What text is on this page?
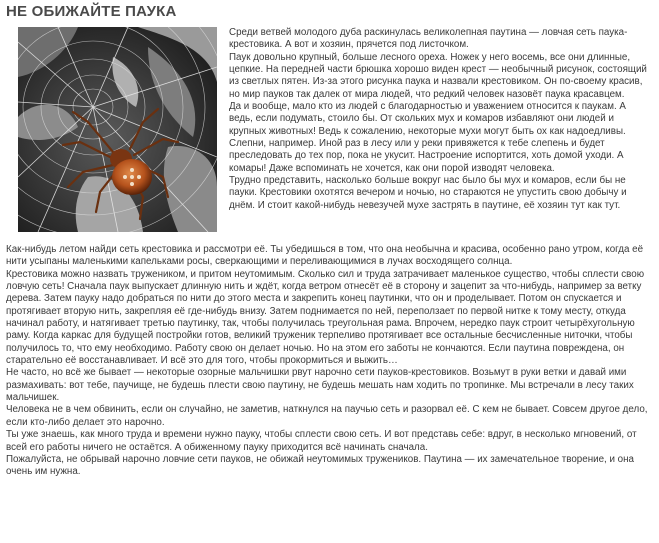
НЕ ОБИЖАЙТЕ ПАУКА

Среди ветвей молодого дуба раскинулась великолепная паутина — ловчая сеть паука-крестовика. А вот и хозяин, прячется под листочком.

Паук довольно крупный, больше лесного ореха. Ножек у него восемь, все они длинные, цепкие. На передней части брюшка хорошо виден крест — необычный рисунок, состоящий из светлых пятен. Из-за этого рисунка паука и назвали крестовиком. Он по-своему красив, но мир пауков так далек от мира людей, что редкий человек назовёт паука красавцем.

Да и вообще, мало кто из людей с благодарностью и уважением относится к паукам. А ведь, если подумать, стоило бы. От скольких мух и комаров избавляют они людей и крупных животных! Ведь к сожалению, некоторые мухи могут быть ох как надоедливы. Слепни, например. Иной раз в лесу или у реки привяжется к тебе слепень и будет преследовать до тех пор, пока не укусит. Настроение испортится, хоть домой уходи. А комары! Даже вспоминать не хочется, как они порой изводят человека.

Трудно представить, насколько больше вокруг нас было бы мух и комаров, если бы не пауки. Крестовики охотятся вечером и ночью, но стараются не упустить свою добычу и днём. И стоит какой-нибудь невезучей мухе застрять в паутине, её хозяин тут как тут.

Как-нибудь летом найди сеть крестовика и рассмотри её. Ты убедишься в том, что она необычна и красива, особенно рано утром, когда её нити усыпаны маленькими капельками росы, сверкающими и переливающимися в лучах восходящего солнца.

Крестовика можно назвать тружеником, и притом неутомимым. Сколько сил и труда затрачивает маленькое существо, чтобы сплести свою ловчую сеть! Сначала паук выпускает длинную нить и ждёт, когда ветром отнесёт её в сторону и зацепит за что-нибудь, например за ветку дерева. Затем пауку надо добраться по нити до этого места и закрепить конец паутинки, что он и проделывает. Потом он спускается и протягивает вторую нить, закрепляя её где-нибудь внизу. Затем поднимается по ней, переползает по первой нитке к тому месту, откуда начинал работу, и натягивает третью паутинку, так, чтобы получилась треугольная рама. Впрочем, нередко паук строит четырёхугольную раму. Когда каркас для будущей постройки готов, великий труженик терпеливо протягивает все остальные бесчисленные ниточки, чтобы получилось то, что ему необходимо. Работу свою он делает ночью. Но на этом его заботы не кончаются. Если паутина повреждена, он старательно её восстанавливает. И всё это для того, чтобы прокормиться и выжить…

Не часто, но всё же бывает — некоторые озорные мальчишки рвут нарочно сети пауков-крестовиков. Возьмут в руки ветки и давай ими размахивать: вот тебе, паучище, не будешь плести свою паутину, не будешь мешать нам ходить по тропинке. Мы встречали в лесу таких мальчишек.

Человека не в чем обвинить, если он случайно, не заметив, наткнулся на паучью сеть и разорвал её. С кем не бывает. Совсем другое дело, если кто-либо делает это нарочно.

Ты уже знаешь, как много труда и времени нужно пауку, чтобы сплести свою сеть. И вот представь себе: вдруг, в несколько мгновений, от всей его работы ничего не остаётся. А обиженному пауку приходится всё начинать сначала.

Пожалуйста, не обрывай нарочно ловчие сети пауков, не обижай неутомимых тружеников. Паутина — их замечательное творение, и она очень им нужна.
